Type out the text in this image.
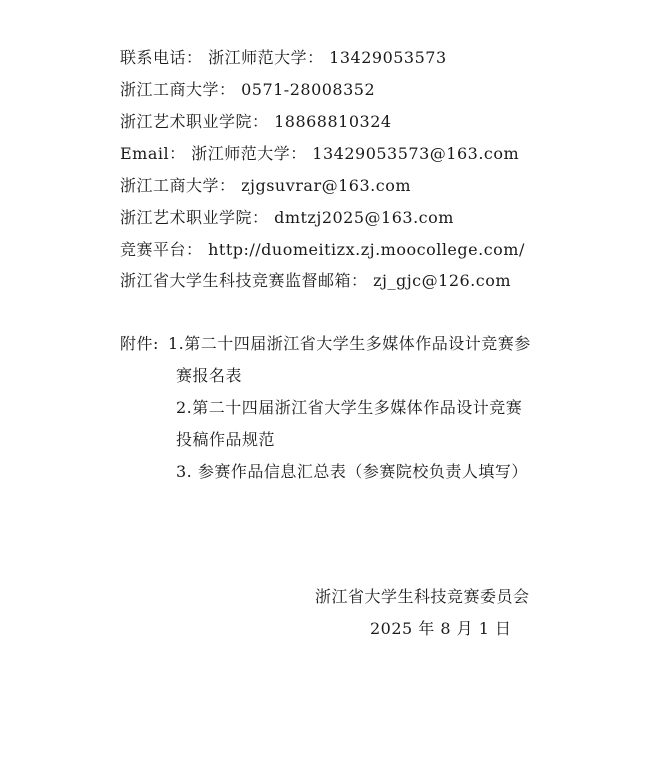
联系电话： 浙江师范大学： 13429053573
浙江工商大学： 0571-28008352
浙江艺术职业学院： 18868810324
Email： 浙江师范大学： 13429053573@163.com
浙江工商大学： zjgsuvrar@163.com
浙江艺术职业学院： dmtzj2025@163.com
竞赛平台： http://duomeitizx.zj.moocollege.com/
浙江省大学生科技竞赛监督邮箱： zj_gjc@126.com
附件: 1.第二十四届浙江省大学生多媒体作品设计竞赛参
赛报名表
2.第二十四届浙江省大学生多媒体作品设计竞赛
投稿作品规范
3. 参赛作品信息汇总表（参赛院校负责人填写）
浙江省大学生科技竞赛委员会
2025 年 8 月 1 日
